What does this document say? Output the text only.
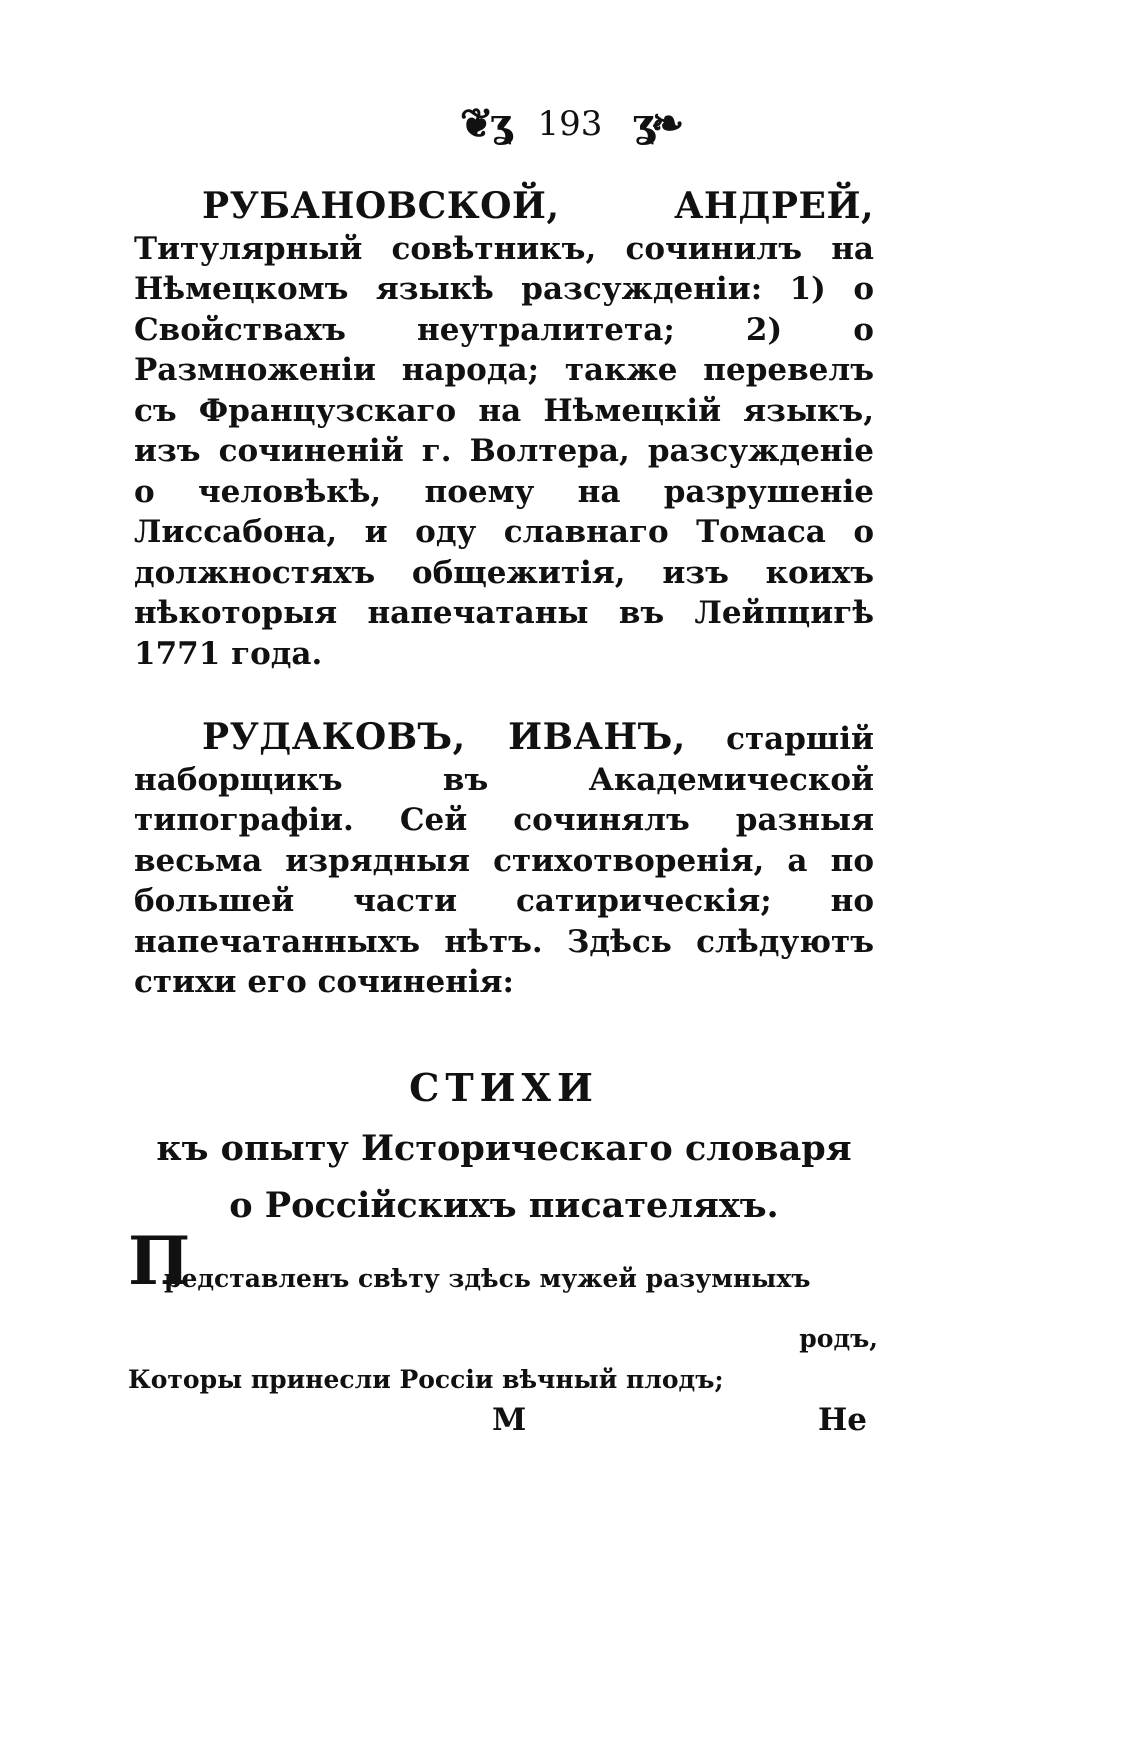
❦ʓ 193 ʓ❧

РУБАНОВСКОЙ, АНДРЕЙ, Титулярный совѣтникъ, сочинилъ на Нѣмецкомъ языкѣ разсужденіи: 1) о Свойствахъ неутралитета; 2) о Размноженіи народа; также перевелъ съ Французскаго на Нѣмецкій языкъ, изъ сочиненій г. Волтера, разсужденіе о человѣкѣ, поему на разрушеніе Лиссабона, и оду славнаго Томаса о должностяхъ общежитія, изъ коихъ нѣкоторыя напечатаны въ Лейпцигѣ 1771 года.

РУДАКОВЪ, ИВАНЪ, старшій наборщикъ въ Академической типографіи. Сей сочинялъ разныя весьма изрядныя стихотворенія, а по большей части сатирическія; но напечатанныхъ нѣтъ. Здѣсь слѣдуютъ стихи его сочиненія:

СТИХИ
къ опыту Историческаго словаря
о Россійскихъ писателяхъ.
П
редставленъ свѣту здѣсь мужей разумныхъ
родъ,
Которы принесли Россіи вѣчный плодъ;
М	Не
